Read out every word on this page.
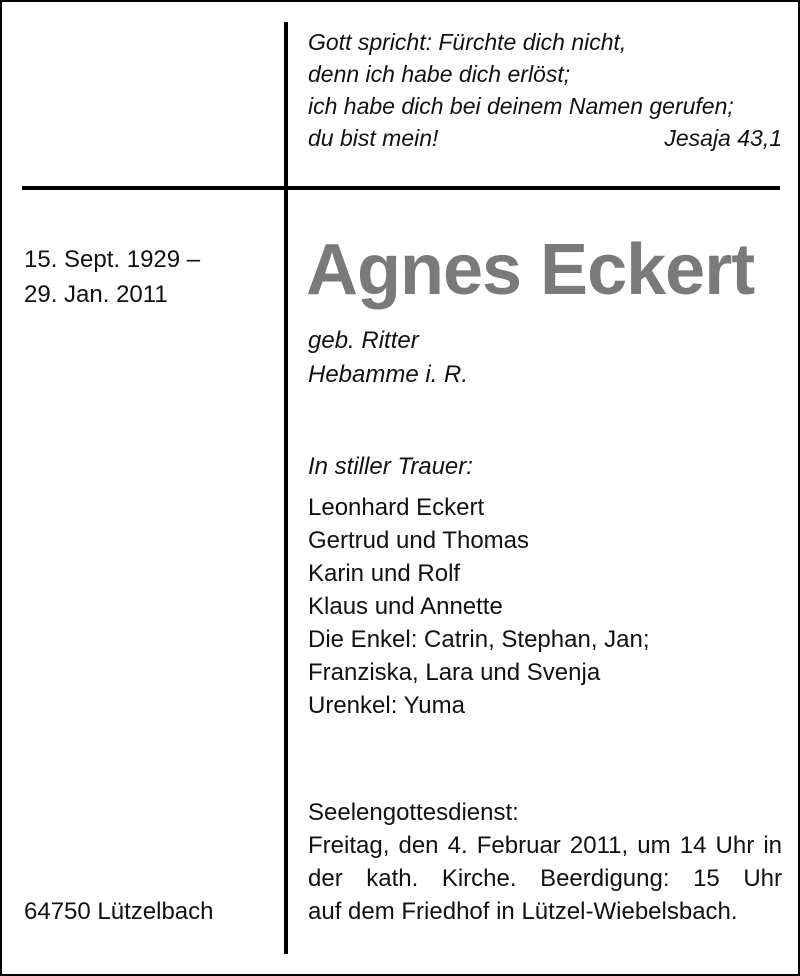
Gott spricht: Fürchte dich nicht,
denn ich habe dich erlöst;
ich habe dich bei deinem Namen gerufen;
du bist mein!	Jesaja 43,1
15. Sept. 1929 –
29. Jan. 2011	Agnes Eckert
geb. Ritter
Hebamme i. R.
In stiller Trauer:
Leonhard Eckert
Gertrud und Thomas
Karin und Rolf
Klaus und Annette
Die Enkel: Catrin, Stephan, Jan;
Franziska, Lara und Svenja
Urenkel: Yuma
Seelengottesdienst:
Freitag, den 4. Februar 2011, um 14 Uhr in
der kath. Kirche. Beerdigung: 15 Uhr
auf dem Friedhof in Lützel-Wiebelsbach.
64750 Lützelbach
